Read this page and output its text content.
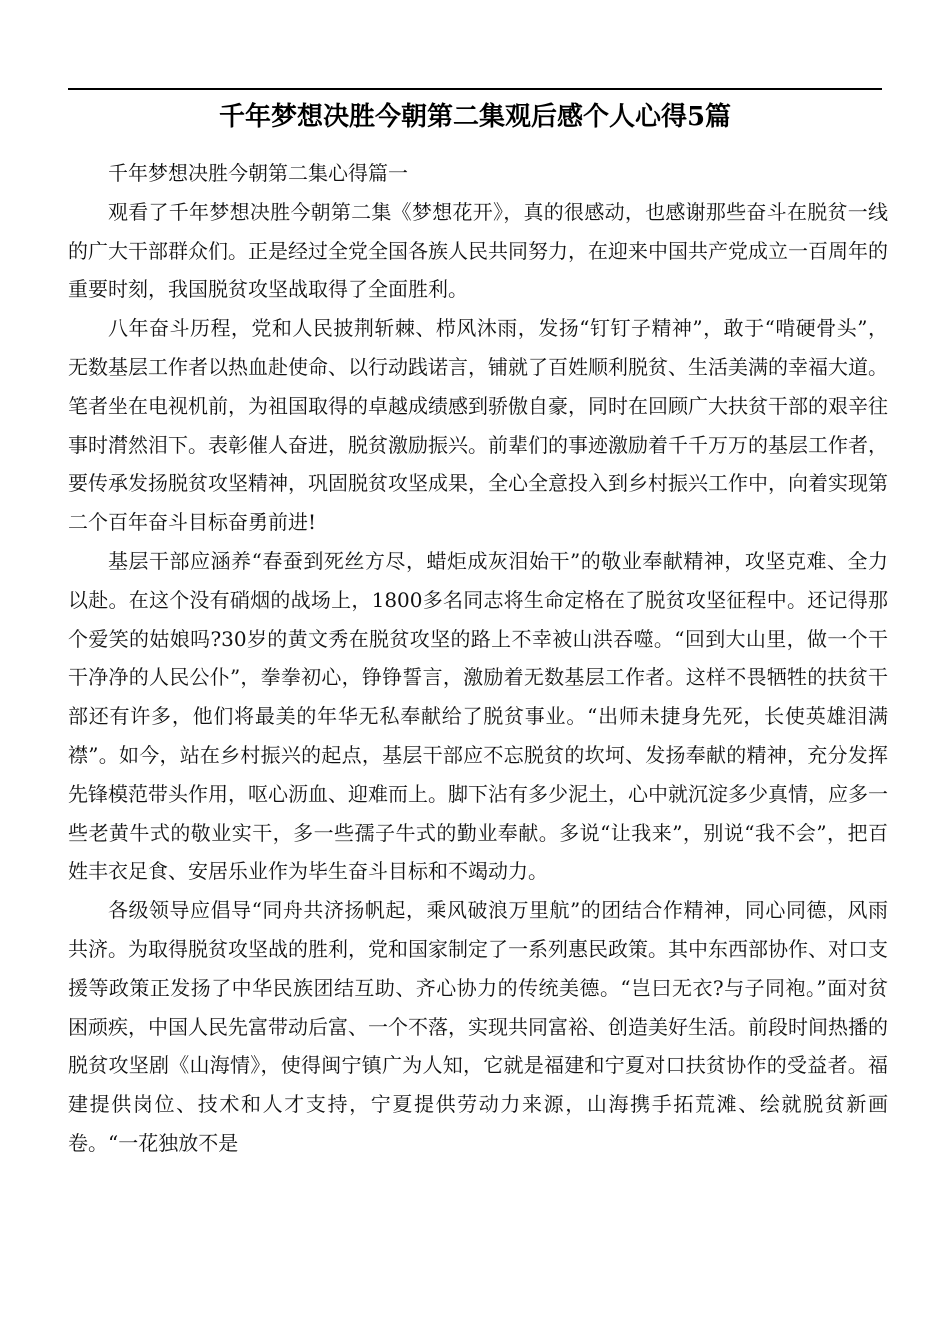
千年梦想决胜今朝第二集观后感个人心得5篇

千年梦想决胜今朝第二集心得篇一

观看了千年梦想决胜今朝第二集《梦想花开》，真的很感动，也感谢那些奋斗在脱贫一线的广大干部群众们。正是经过全党全国各族人民共同努力，在迎来中国共产党成立一百周年的重要时刻，我国脱贫攻坚战取得了全面胜利。

八年奋斗历程，党和人民披荆斩棘、栉风沐雨，发扬“钉钉子精神”，敢于“啃硬骨头”，无数基层工作者以热血赴使命、以行动践诺言，铺就了百姓顺利脱贫、生活美满的幸福大道。笔者坐在电视机前，为祖国取得的卓越成绩感到骄傲自豪，同时在回顾广大扶贫干部的艰辛往事时潸然泪下。表彰催人奋进，脱贫激励振兴。前辈们的事迹激励着千千万万的基层工作者，要传承发扬脱贫攻坚精神，巩固脱贫攻坚成果，全心全意投入到乡村振兴工作中，向着实现第二个百年奋斗目标奋勇前进!

基层干部应涵养“春蚕到死丝方尽，蜡炬成灰泪始干”的敬业奉献精神，攻坚克难、全力以赴。在这个没有硝烟的战场上，1800多名同志将生命定格在了脱贫攻坚征程中。还记得那个爱笑的姑娘吗?30岁的黄文秀在脱贫攻坚的路上不幸被山洪吞噬。“回到大山里，做一个干干净净的人民公仆”，拳拳初心，铮铮誓言，激励着无数基层工作者。这样不畏牺牲的扶贫干部还有许多，他们将最美的年华无私奉献给了脱贫事业。“出师未捷身先死，长使英雄泪满襟”。如今，站在乡村振兴的起点，基层干部应不忘脱贫的坎坷、发扬奉献的精神，充分发挥先锋模范带头作用，呕心沥血、迎难而上。脚下沾有多少泥土，心中就沉淀多少真情，应多一些老黄牛式的敬业实干，多一些孺子牛式的勤业奉献。多说“让我来”，别说“我不会”，把百姓丰衣足食、安居乐业作为毕生奋斗目标和不竭动力。

各级领导应倡导“同舟共济扬帆起，乘风破浪万里航”的团结合作精神，同心同德，风雨共济。为取得脱贫攻坚战的胜利，党和国家制定了一系列惠民政策。其中东西部协作、对口支援等政策正发扬了中华民族团结互助、齐心协力的传统美德。“岂曰无衣?与子同袍。”面对贫困顽疾，中国人民先富带动后富、一个不落，实现共同富裕、创造美好生活。前段时间热播的脱贫攻坚剧《山海情》，使得闽宁镇广为人知，它就是福建和宁夏对口扶贫协作的受益者。福建提供岗位、技术和人才支持，宁夏提供劳动力来源，山海携手拓荒滩、绘就脱贫新画卷。“一花独放不是
